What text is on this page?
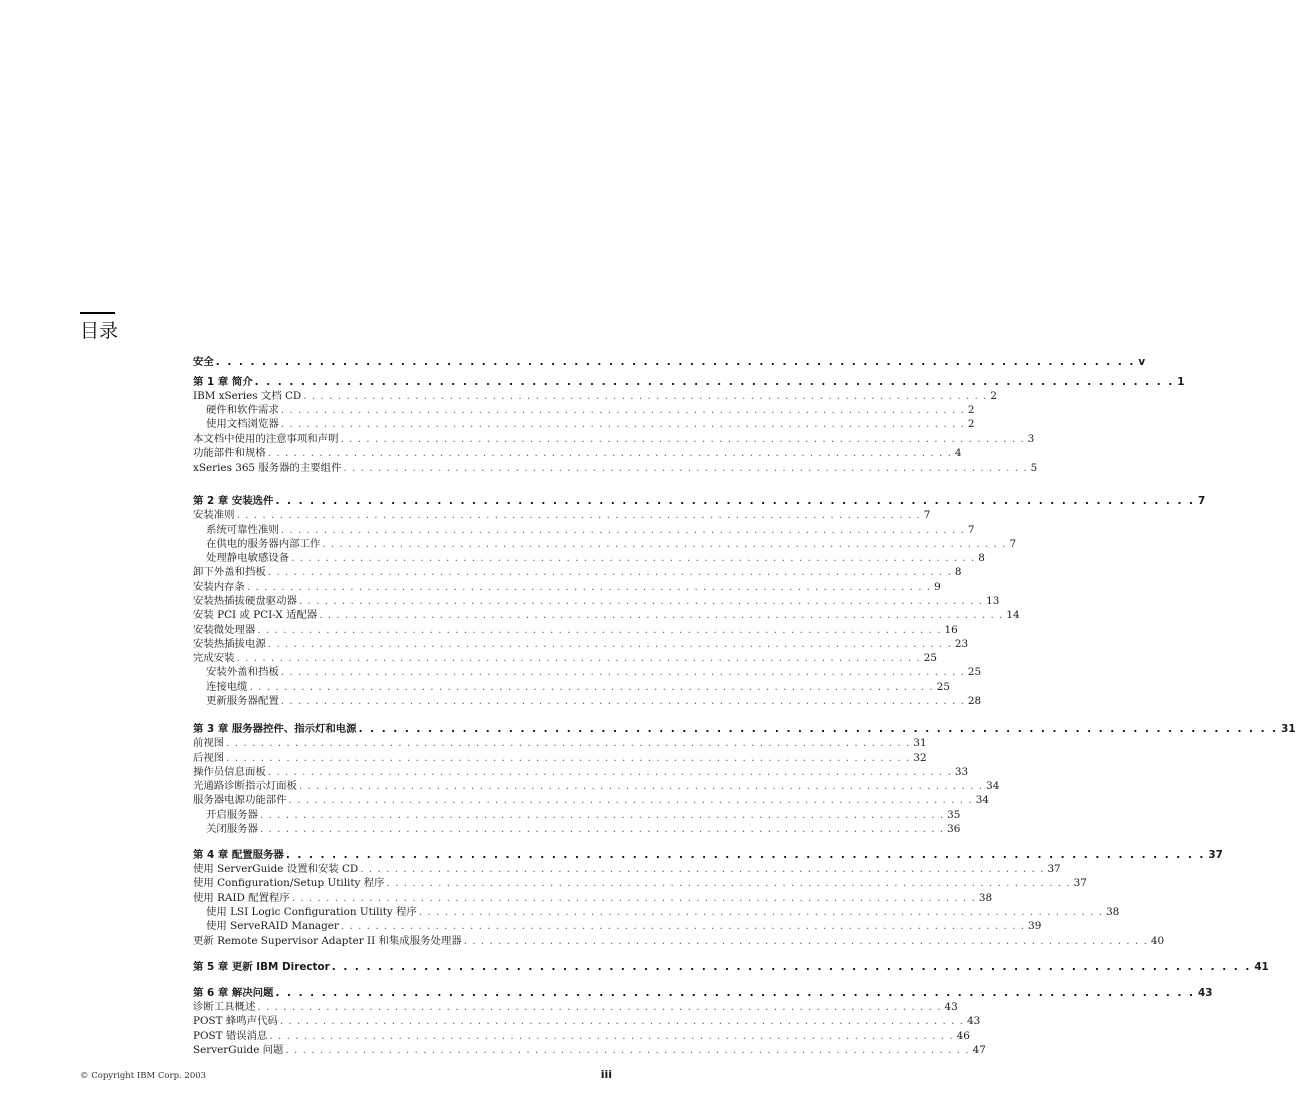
目录
安全 . . . . . . . . . . . . . . . . . . . . . . . . . . . . . . . . . . . . . . . . . . . . . . . . . . . . . . . . . . . . . . . . . . . . . . . . . . . . . . . . v
第 1 章 简介 . . . . . . . . . . . . . . . . . . . . . . . . . . . . . . . . . . . . . . . . . . . . . . . . . . . . . . . . . . . . . . . . . . . . . . . . . . . . . . . . 1
IBM xSeries 文档 CD . . . . . . . . . . . . . . . . . . . . . . . . . . . . . . . . . . . . . . . . . . . . . . . . . . . . . . . . . . . . . . . . . . . . . . . . . . . . . . . . 2
硬件和软件需求 . . . . . . . . . . . . . . . . . . . . . . . . . . . . . . . . . . . . . . . . . . . . . . . . . . . . . . . . . . . . . . . . . . . . . . . . . . . . . . . . 2
使用文档浏览器 . . . . . . . . . . . . . . . . . . . . . . . . . . . . . . . . . . . . . . . . . . . . . . . . . . . . . . . . . . . . . . . . . . . . . . . . . . . . . . . . 2
本文档中使用的注意事项和声明 . . . . . . . . . . . . . . . . . . . . . . . . . . . . . . . . . . . . . . . . . . . . . . . . . . . . . . . . . . . . . . . . . . . . . . . . . . . . . . . . 3
功能部件和规格 . . . . . . . . . . . . . . . . . . . . . . . . . . . . . . . . . . . . . . . . . . . . . . . . . . . . . . . . . . . . . . . . . . . . . . . . . . . . . . . . 4
xSeries 365 服务器的主要组件 . . . . . . . . . . . . . . . . . . . . . . . . . . . . . . . . . . . . . . . . . . . . . . . . . . . . . . . . . . . . . . . . . . . . . . . . . . . . . . . . 5
第 2 章 安装选件 . . . . . . . . . . . . . . . . . . . . . . . . . . . . . . . . . . . . . . . . . . . . . . . . . . . . . . . . . . . . . . . . . . . . . . . . . . . . . . . . 7
安装准则 . . . . . . . . . . . . . . . . . . . . . . . . . . . . . . . . . . . . . . . . . . . . . . . . . . . . . . . . . . . . . . . . . . . . . . . . . . . . . . . . 7
系统可靠性准则 . . . . . . . . . . . . . . . . . . . . . . . . . . . . . . . . . . . . . . . . . . . . . . . . . . . . . . . . . . . . . . . . . . . . . . . . . . . . . . . . 7
在供电的服务器内部工作 . . . . . . . . . . . . . . . . . . . . . . . . . . . . . . . . . . . . . . . . . . . . . . . . . . . . . . . . . . . . . . . . . . . . . . . . . . . . . . . . 7
处理静电敏感设备 . . . . . . . . . . . . . . . . . . . . . . . . . . . . . . . . . . . . . . . . . . . . . . . . . . . . . . . . . . . . . . . . . . . . . . . . . . . . . . . . 8
卸下外盖和挡板 . . . . . . . . . . . . . . . . . . . . . . . . . . . . . . . . . . . . . . . . . . . . . . . . . . . . . . . . . . . . . . . . . . . . . . . . . . . . . . . . 8
安装内存条 . . . . . . . . . . . . . . . . . . . . . . . . . . . . . . . . . . . . . . . . . . . . . . . . . . . . . . . . . . . . . . . . . . . . . . . . . . . . . . . . 9
安装热插拔硬盘驱动器 . . . . . . . . . . . . . . . . . . . . . . . . . . . . . . . . . . . . . . . . . . . . . . . . . . . . . . . . . . . . . . . . . . . . . . . . . . . . . . . . 13
安装 PCI 或 PCI-X 适配器 . . . . . . . . . . . . . . . . . . . . . . . . . . . . . . . . . . . . . . . . . . . . . . . . . . . . . . . . . . . . . . . . . . . . . . . . . . . . . . . . 14
安装微处理器 . . . . . . . . . . . . . . . . . . . . . . . . . . . . . . . . . . . . . . . . . . . . . . . . . . . . . . . . . . . . . . . . . . . . . . . . . . . . . . . . 16
安装热插拔电源 . . . . . . . . . . . . . . . . . . . . . . . . . . . . . . . . . . . . . . . . . . . . . . . . . . . . . . . . . . . . . . . . . . . . . . . . . . . . . . . . 23
完成安装 . . . . . . . . . . . . . . . . . . . . . . . . . . . . . . . . . . . . . . . . . . . . . . . . . . . . . . . . . . . . . . . . . . . . . . . . . . . . . . . . 25
安装外盖和挡板 . . . . . . . . . . . . . . . . . . . . . . . . . . . . . . . . . . . . . . . . . . . . . . . . . . . . . . . . . . . . . . . . . . . . . . . . . . . . . . . . 25
连接电缆 . . . . . . . . . . . . . . . . . . . . . . . . . . . . . . . . . . . . . . . . . . . . . . . . . . . . . . . . . . . . . . . . . . . . . . . . . . . . . . . . 25
更新服务器配置 . . . . . . . . . . . . . . . . . . . . . . . . . . . . . . . . . . . . . . . . . . . . . . . . . . . . . . . . . . . . . . . . . . . . . . . . . . . . . . . . 28
第 3 章 服务器控件、指示灯和电源 . . . . . . . . . . . . . . . . . . . . . . . . . . . . . . . . . . . . . . . . . . . . . . . . . . . . . . . . . . . . . . . . . . . . . . . . . . . . . . . . 31
前视图 . . . . . . . . . . . . . . . . . . . . . . . . . . . . . . . . . . . . . . . . . . . . . . . . . . . . . . . . . . . . . . . . . . . . . . . . . . . . . . . . 31
后视图 . . . . . . . . . . . . . . . . . . . . . . . . . . . . . . . . . . . . . . . . . . . . . . . . . . . . . . . . . . . . . . . . . . . . . . . . . . . . . . . . 32
操作员信息面板 . . . . . . . . . . . . . . . . . . . . . . . . . . . . . . . . . . . . . . . . . . . . . . . . . . . . . . . . . . . . . . . . . . . . . . . . . . . . . . . . 33
光通路诊断指示灯面板 . . . . . . . . . . . . . . . . . . . . . . . . . . . . . . . . . . . . . . . . . . . . . . . . . . . . . . . . . . . . . . . . . . . . . . . . . . . . . . . . 34
服务器电源功能部件 . . . . . . . . . . . . . . . . . . . . . . . . . . . . . . . . . . . . . . . . . . . . . . . . . . . . . . . . . . . . . . . . . . . . . . . . . . . . . . . . 34
开启服务器 . . . . . . . . . . . . . . . . . . . . . . . . . . . . . . . . . . . . . . . . . . . . . . . . . . . . . . . . . . . . . . . . . . . . . . . . . . . . . . . . 35
关闭服务器 . . . . . . . . . . . . . . . . . . . . . . . . . . . . . . . . . . . . . . . . . . . . . . . . . . . . . . . . . . . . . . . . . . . . . . . . . . . . . . . . 36
第 4 章 配置服务器 . . . . . . . . . . . . . . . . . . . . . . . . . . . . . . . . . . . . . . . . . . . . . . . . . . . . . . . . . . . . . . . . . . . . . . . . . . . . . . . . 37
使用 ServerGuide 设置和安装 CD . . . . . . . . . . . . . . . . . . . . . . . . . . . . . . . . . . . . . . . . . . . . . . . . . . . . . . . . . . . . . . . . . . . . . . . . . . . . . . . . 37
使用 Configuration/Setup Utility 程序 . . . . . . . . . . . . . . . . . . . . . . . . . . . . . . . . . . . . . . . . . . . . . . . . . . . . . . . . . . . . . . . . . . . . . . . . . . . . . . . . 37
使用 RAID 配置程序 . . . . . . . . . . . . . . . . . . . . . . . . . . . . . . . . . . . . . . . . . . . . . . . . . . . . . . . . . . . . . . . . . . . . . . . . . . . . . . . . 38
使用 LSI Logic Configuration Utility 程序 . . . . . . . . . . . . . . . . . . . . . . . . . . . . . . . . . . . . . . . . . . . . . . . . . . . . . . . . . . . . . . . . . . . . . . . . . . . . . . . . 38
使用 ServeRAID Manager . . . . . . . . . . . . . . . . . . . . . . . . . . . . . . . . . . . . . . . . . . . . . . . . . . . . . . . . . . . . . . . . . . . . . . . . . . . . . . . . 39
更新 Remote Supervisor Adapter II 和集成服务处理器 . . . . . . . . . . . . . . . . . . . . . . . . . . . . . . . . . . . . . . . . . . . . . . . . . . . . . . . . . . . . . . . . . . . . . . . . . . . . . . . . 40
第 5 章 更新 IBM Director . . . . . . . . . . . . . . . . . . . . . . . . . . . . . . . . . . . . . . . . . . . . . . . . . . . . . . . . . . . . . . . . . . . . . . . . . . . . . . . . 41
第 6 章 解决问题 . . . . . . . . . . . . . . . . . . . . . . . . . . . . . . . . . . . . . . . . . . . . . . . . . . . . . . . . . . . . . . . . . . . . . . . . . . . . . . . . 43
诊断工具概述 . . . . . . . . . . . . . . . . . . . . . . . . . . . . . . . . . . . . . . . . . . . . . . . . . . . . . . . . . . . . . . . . . . . . . . . . . . . . . . . . 43
POST 蜂鸣声代码 . . . . . . . . . . . . . . . . . . . . . . . . . . . . . . . . . . . . . . . . . . . . . . . . . . . . . . . . . . . . . . . . . . . . . . . . . . . . . . . . 43
POST 错误消息 . . . . . . . . . . . . . . . . . . . . . . . . . . . . . . . . . . . . . . . . . . . . . . . . . . . . . . . . . . . . . . . . . . . . . . . . . . . . . . . . 46
ServerGuide 问题 . . . . . . . . . . . . . . . . . . . . . . . . . . . . . . . . . . . . . . . . . . . . . . . . . . . . . . . . . . . . . . . . . . . . . . . . . . . . . . . . 47
© Copyright IBM Corp. 2003	iii
